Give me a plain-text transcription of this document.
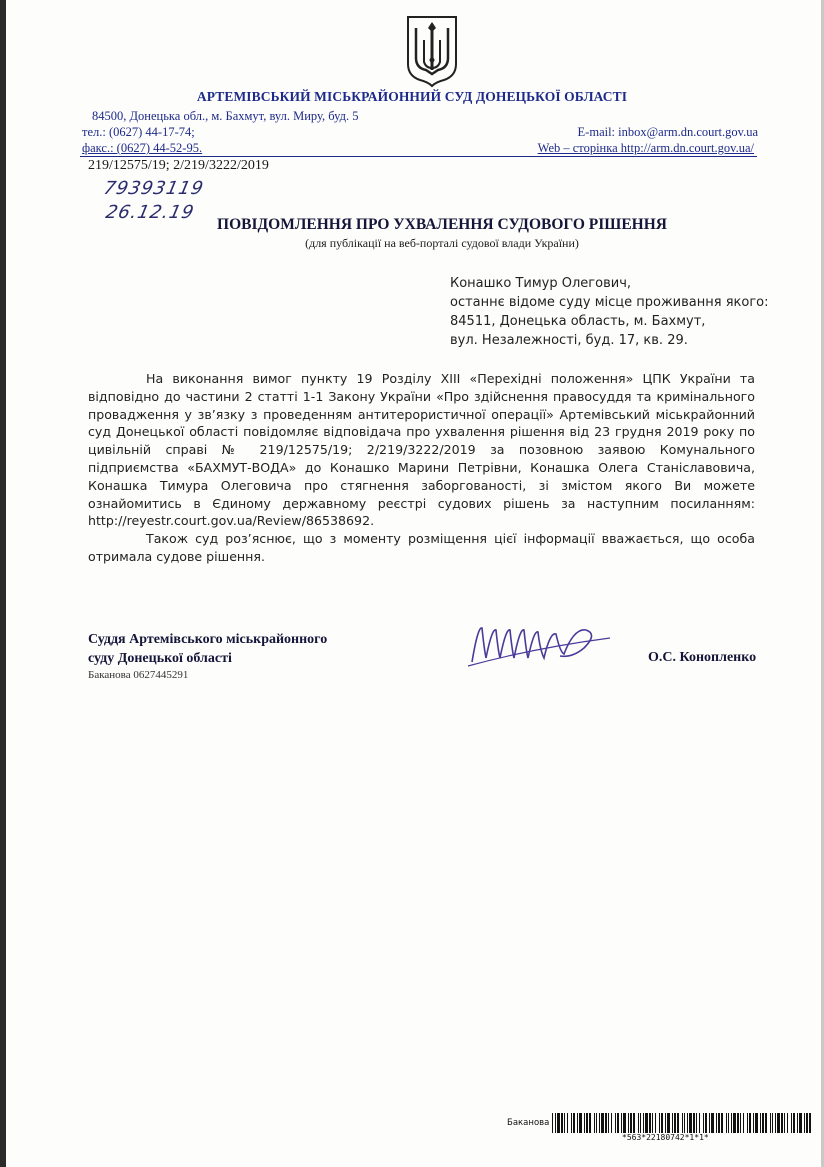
АРТЕМІВСЬКИЙ МІСЬКРАЙОННИЙ СУД ДОНЕЦЬКОЇ ОБЛАСТІ
84500, Донецька обл., м. Бахмут, вул. Миру, буд. 5
тел.: (0627) 44-17-74;
факс.: (0627) 44-52-95.
E-mail: inbox@arm.dn.court.gov.ua
Web – сторінка http://arm.dn.court.gov.ua/
219/12575/19; 2/219/3222/2019
79393119
26.12.19
ПОВІДОМЛЕННЯ ПРО УХВАЛЕННЯ СУДОВОГО РІШЕННЯ
(для публікації на веб-порталі судової влади України)
Конашко Тимур Олегович,
останнє відоме суду місце проживання якого:
84511, Донецька область, м. Бахмут,
вул. Незалежності, буд. 17, кв. 29.

На виконання вимог пункту 19 Розділу XIII «Перехідні положення» ЦПК України та відповідно до частини 2 статті 1-1 Закону України «Про здійснення правосуддя та кримінального провадження у зв’язку з проведенням антитерористичної операції» Артемівський міськрайонний суд Донецької області повідомляє відповідача про ухвалення рішення від 23 грудня 2019 року по цивільній справі № 219/12575/19; 2/219/3222/2019 за позовною заявою Комунального підприємства «БАХМУТ-ВОДА» до Конашко Марини Петрівни, Конашка Олега Станіславовича, Конашка Тимура Олеговича про стягнення заборгованості, зі змістом якого Ви можете ознайомитись в Єдиному державному реєстрі судових рішень за наступним посиланням: http://reyestr.court.gov.ua/Review/86538692.

Також суд роз’яснює, що з моменту розміщення цієї інформації вважається, що особа отримала судове рішення.

Суддя Артемівського міськрайонного
суду Донецької області
Баканова 0627445291
О.С. Конопленко
Баканова
*563*22180742*1*1*
